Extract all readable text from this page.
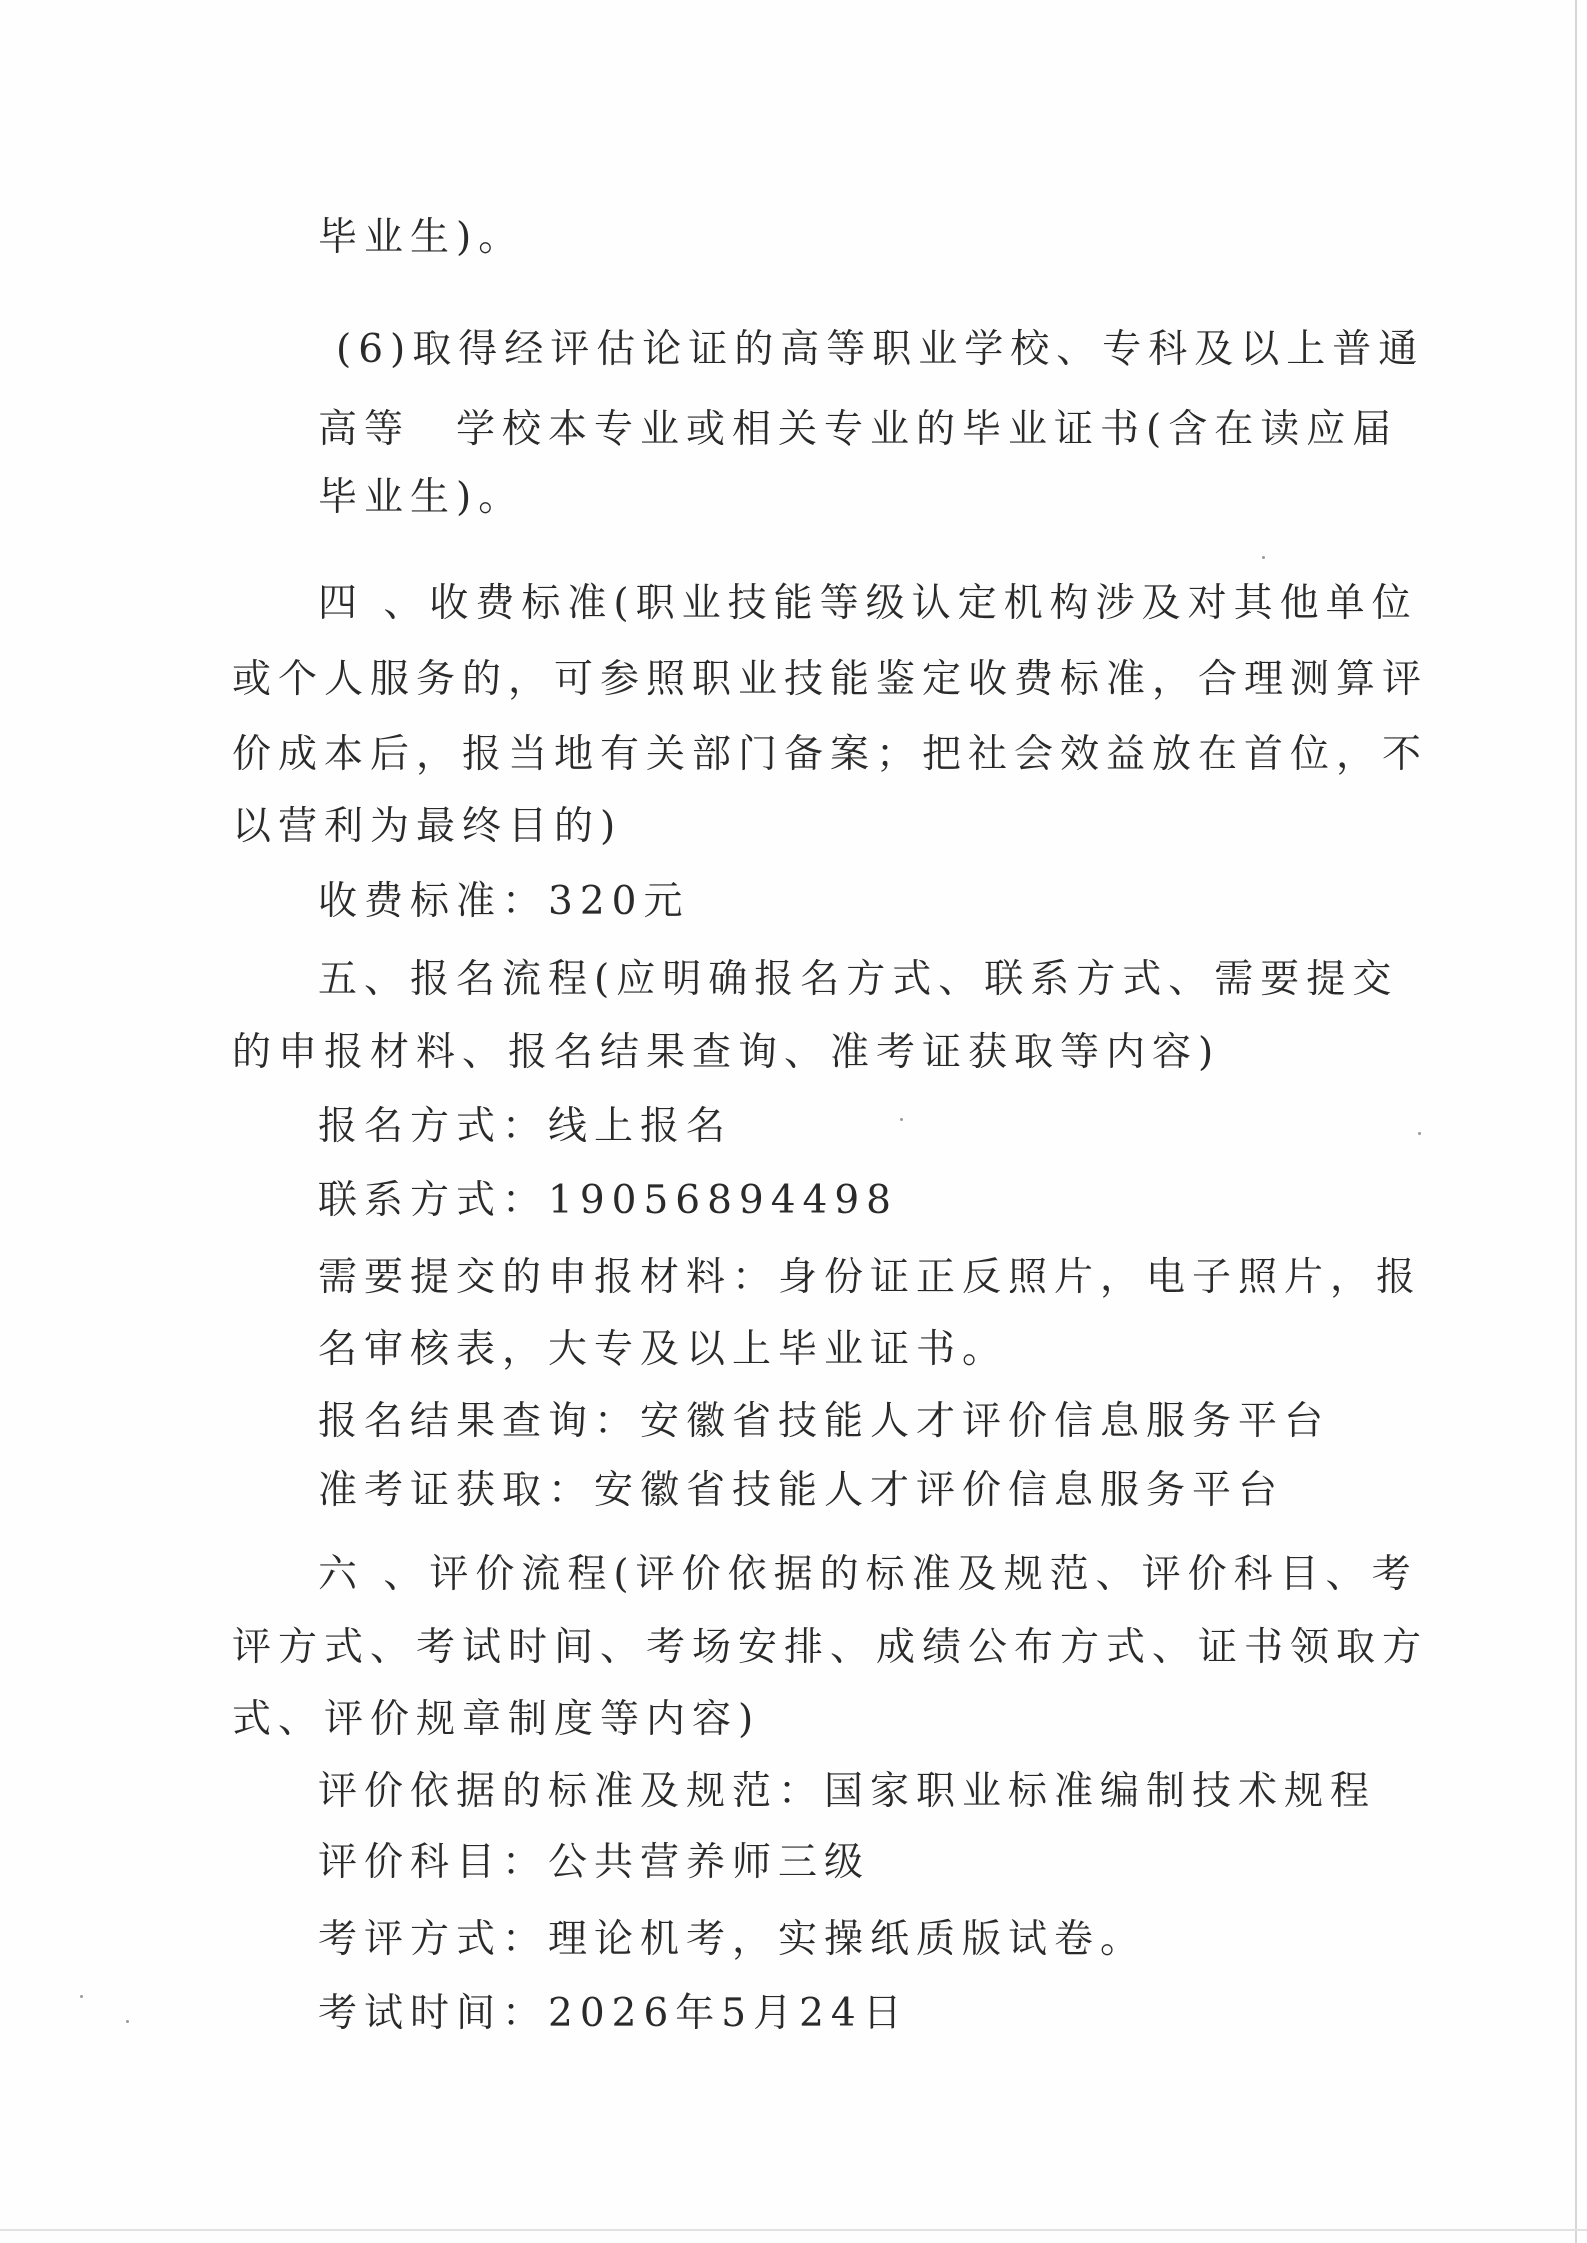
毕业生)。
(6)取得经评估论证的高等职业学校、专科及以上普通
高等　学校本专业或相关专业的毕业证书(含在读应届
毕业生)。
四 、收费标准(职业技能等级认定机构涉及对其他单位
或个人服务的，可参照职业技能鉴定收费标准，合理测算评
价成本后，报当地有关部门备案；把社会效益放在首位，不
以营利为最终目的)
收费标准：320元
五、报名流程(应明确报名方式、联系方式、需要提交
的申报材料、报名结果查询、准考证获取等内容)
报名方式：线上报名
联系方式：19056894498
需要提交的申报材料：身份证正反照片，电子照片，报
名审核表，大专及以上毕业证书。
报名结果查询：安徽省技能人才评价信息服务平台
准考证获取：安徽省技能人才评价信息服务平台
六 、评价流程(评价依据的标准及规范、评价科目、考
评方式、考试时间、考场安排、成绩公布方式、证书领取方
式、评价规章制度等内容)
评价依据的标准及规范：国家职业标准编制技术规程
评价科目：公共营养师三级
考评方式：理论机考，实操纸质版试卷。
考试时间：2026年5月24日
